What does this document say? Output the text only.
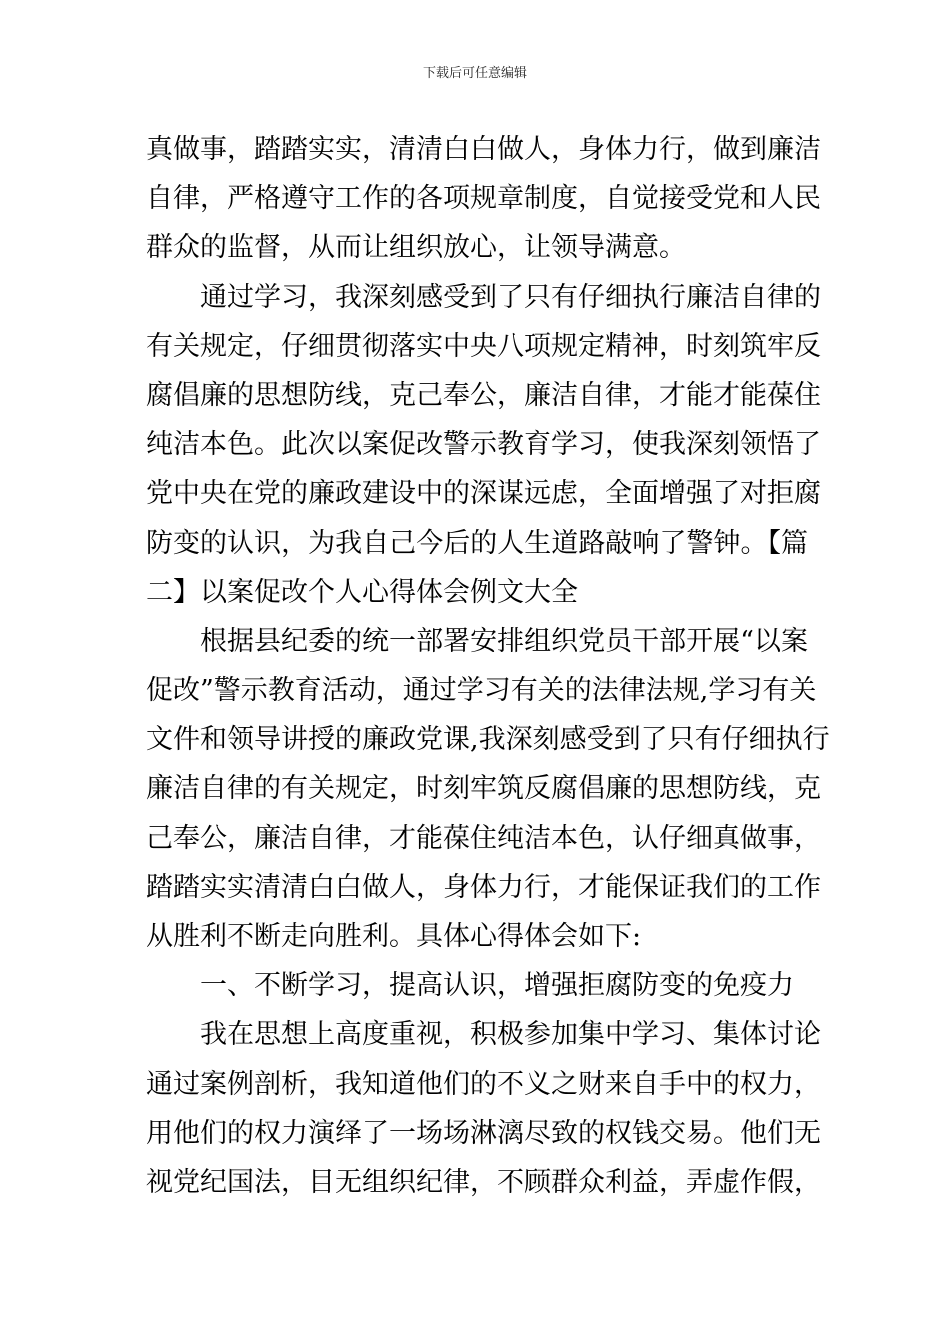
下载后可任意编辑
真做事，踏踏实实，清清白白做人，身体力行，做到廉洁
自律，严格遵守工作的各项规章制度，自觉接受党和人民
群众的监督，从而让组织放心，让领导满意。
通过学习，我深刻感受到了只有仔细执行廉洁自律的
有关规定，仔细贯彻落实中央八项规定精神，时刻筑牢反
腐倡廉的思想防线，克己奉公，廉洁自律，才能才能葆住
纯洁本色。此次以案促改警示教育学习，使我深刻领悟了
党中央在党的廉政建设中的深谋远虑，全面增强了对拒腐
防变的认识，为我自己今后的人生道路敲响了警钟。【篇
二】以案促改个人心得体会例文大全
根据县纪委的统一部署安排组织党员干部开展“以案
促改”警示教育活动，通过学习有关的法律法规,学习有关
文件和领导讲授的廉政党课,我深刻感受到了只有仔细执行
廉洁自律的有关规定，时刻牢筑反腐倡廉的思想防线，克
己奉公，廉洁自律，才能葆住纯洁本色，认仔细真做事，
踏踏实实清清白白做人，身体力行，才能保证我们的工作
从胜利不断走向胜利。具体心得体会如下:
一、不断学习，提高认识，增强拒腐防变的免疫力
我在思想上高度重视，积极参加集中学习、集体讨论
通过案例剖析，我知道他们的不义之财来自手中的权力，
用他们的权力演绎了一场场淋漓尽致的权钱交易。他们无
视党纪国法，目无组织纪律，不顾群众利益，弄虚作假，
